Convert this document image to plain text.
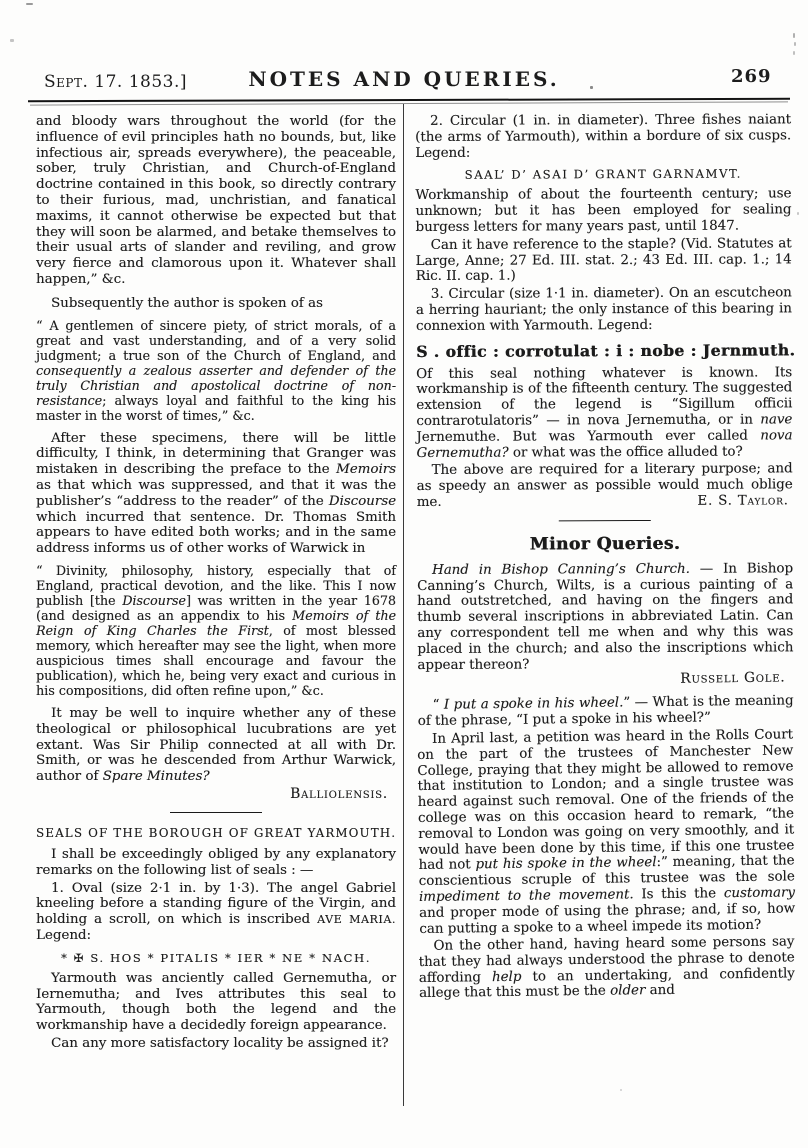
Sept. 17. 1853.]	NOTES AND QUERIES.	269
and bloody wars throughout the world (for the influence of evil principles hath no bounds, but, like infectious air, spreads everywhere), the peaceable, sober, truly Christian, and Church-of-England doctrine contained in this book, so directly contrary to their furious, mad, unchristian, and fanatical maxims, it cannot otherwise be expected but that they will soon be alarmed, and betake themselves to their usual arts of slander and reviling, and grow very fierce and clamorous upon it. Whatever shall happen,” &c.
Subsequently the author is spoken of as
“ A gentlemen of sincere piety, of strict morals, of a great and vast understanding, and of a very solid judgment; a true son of the Church of England, and consequently a zealous asserter and defender of the truly Christian and apostolical doctrine of non-resistance; always loyal and faithful to the king his master in the worst of times,” &c.
After these specimens, there will be little difficulty, I think, in determining that Granger was mistaken in describing the preface to the Memoirs as that which was suppressed, and that it was the publisher’s “address to the reader” of the Discourse which incurred that sentence. Dr. Thomas Smith appears to have edited both works; and in the same address informs us of other works of Warwick in
“ Divinity, philosophy, history, especially that of England, practical devotion, and the like. This I now publish [the Discourse] was written in the year 1678 (and designed as an appendix to his Memoirs of the Reign of King Charles the First, of most blessed memory, which hereafter may see the light, when more auspicious times shall encourage and favour the publication), which he, being very exact and curious in his compositions, did often refine upon,” &c.
It may be well to inquire whether any of these theological or philosophical lucubrations are yet extant. Was Sir Philip connected at all with Dr. Smith, or was he descended from Arthur Warwick, author of Spare Minutes?
Balliolensis.
SEALS OF THE BOROUGH OF GREAT YARMOUTH.
I shall be exceedingly obliged by any explanatory remarks on the following list of seals : —
1. Oval (size 2·1 in. by 1·3). The angel Gabriel kneeling before a standing figure of the Virgin, and holding a scroll, on which is inscribed AVE MARIA. Legend:
* ✠ S. HOS * PITALIS * IER * NE * NACH.
Yarmouth was anciently called Gernemutha, or Iernemutha; and Ives attributes this seal to Yarmouth, though both the legend and the workmanship have a decidedly foreign appearance.
Can any more satisfactory locality be assigned it?
2. Circular (1 in. in diameter). Three fishes naiant (the arms of Yarmouth), within a bordure of six cusps. Legend:
SAAL’ D’ ASAI D’ GRANT GARNAMVT.
Workmanship of about the fourteenth century; use unknown; but it has been employed for sealing burgess letters for many years past, until 1847.
Can it have reference to the staple? (Vid. Statutes at Large, Anne; 27 Ed. III. stat. 2.; 43 Ed. III. cap. 1.; 14 Ric. II. cap. 1.)
3. Circular (size 1·1 in. diameter). On an escutcheon a herring hauriant; the only instance of this bearing in connexion with Yarmouth. Legend:
S . offic : corrotulat : i : nobe : Jernmuth.
Of this seal nothing whatever is known. Its workmanship is of the fifteenth century. The suggested extension of the legend is “Sigillum officii contrarotulatoris” — in nova Jernemutha, or in nave Jernemuthe. But was Yarmouth ever called nova Gernemutha? or what was the office alluded to?
The above are required for a literary purpose; and as speedy an answer as possible would much oblige me.	E. S. Taylor.
Minor Queries.
Hand in Bishop Canning’s Church. — In Bishop Canning’s Church, Wilts, is a curious painting of a hand outstretched, and having on the fingers and thumb several inscriptions in abbreviated Latin. Can any correspondent tell me when and why this was placed in the church; and also the inscriptions which appear thereon?
Russell Gole.
“ I put a spoke in his wheel.” — What is the meaning of the phrase, “I put a spoke in his wheel?”
In April last, a petition was heard in the Rolls Court on the part of the trustees of Manchester New College, praying that they might be allowed to remove that institution to London; and a single trustee was heard against such removal. One of the friends of the college was on this occasion heard to remark, “the removal to London was going on very smoothly, and it would have been done by this time, if this one trustee had not put his spoke in the wheel:” meaning, that the conscientious scruple of this trustee was the sole impediment to the movement. Is this the customary and proper mode of using the phrase; and, if so, how can putting a spoke to a wheel impede its motion?
On the other hand, having heard some persons say that they had always understood the phrase to denote affording help to an undertaking, and confidently allege that this must be the older and
